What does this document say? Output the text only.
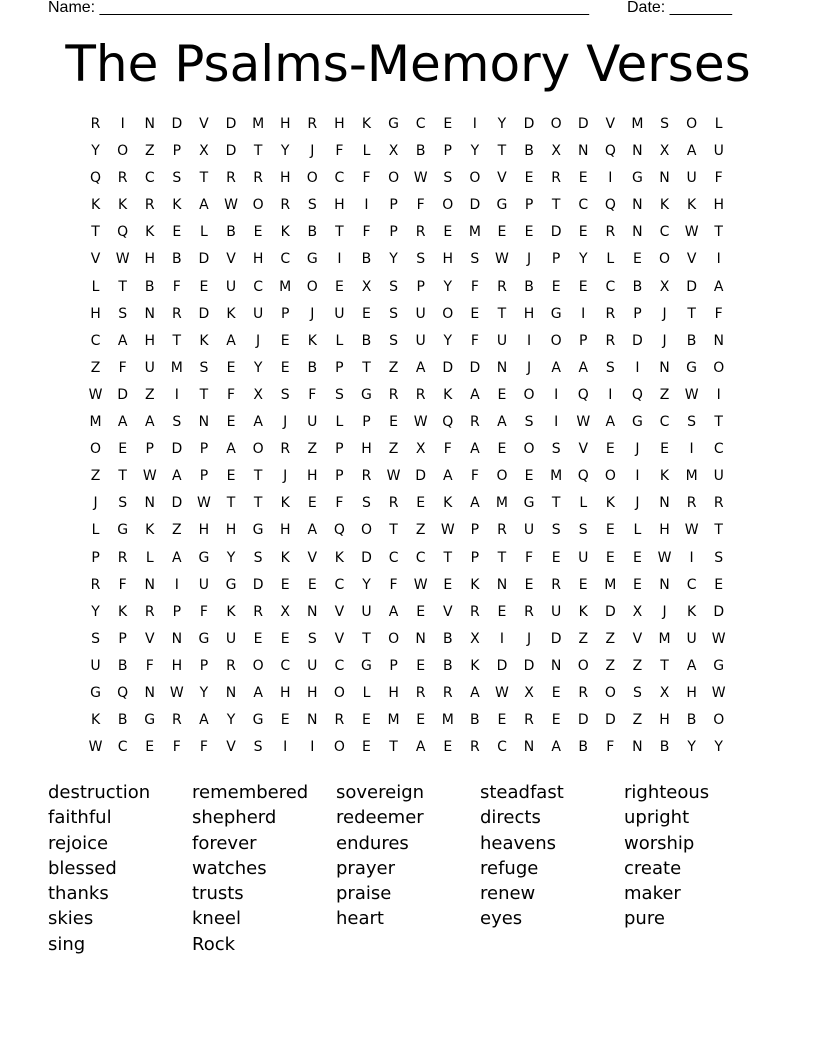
Name: _______________________________________________________ Date: _______
The Psalms-Memory Verses
R	I	N	D	V	D	M	H	R	H	K	G	C	E	I	Y	D	O	D	V	M	S	O	L
Y	O	Z	P	X	D	T	Y	J	F	L	X	B	P	Y	T	B	X	N	Q	N	X	A	U
Q	R	C	S	T	R	R	H	O	C	F	O	W	S	O	V	E	R	E	I	G	N	U	F
K	K	R	K	A	W	O	R	S	H	I	P	F	O	D	G	P	T	C	Q	N	K	K	H
T	Q	K	E	L	B	E	K	B	T	F	P	R	E	M	E	E	D	E	R	N	C	W	T
V	W	H	B	D	V	H	C	G	I	B	Y	S	H	S	W	J	P	Y	L	E	O	V	I
L	T	B	F	E	U	C	M	O	E	X	S	P	Y	F	R	B	E	E	C	B	X	D	A
H	S	N	R	D	K	U	P	J	U	E	S	U	O	E	T	H	G	I	R	P	J	T	F
C	A	H	T	K	A	J	E	K	L	B	S	U	Y	F	U	I	O	P	R	D	J	B	N
Z	F	U	M	S	E	Y	E	B	P	T	Z	A	D	D	N	J	A	A	S	I	N	G	O
W	D	Z	I	T	F	X	S	F	S	G	R	R	K	A	E	O	I	Q	I	Q	Z	W	I
M	A	A	S	N	E	A	J	U	L	P	E	W	Q	R	A	S	I	W	A	G	C	S	T
O	E	P	D	P	A	O	R	Z	P	H	Z	X	F	A	E	O	S	V	E	J	E	I	C
Z	T	W	A	P	E	T	J	H	P	R	W	D	A	F	O	E	M	Q	O	I	K	M	U
J	S	N	D	W	T	T	K	E	F	S	R	E	K	A	M	G	T	L	K	J	N	R	R
L	G	K	Z	H	H	G	H	A	Q	O	T	Z	W	P	R	U	S	S	E	L	H	W	T
P	R	L	A	G	Y	S	K	V	K	D	C	C	T	P	T	F	E	U	E	E	W	I	S
R	F	N	I	U	G	D	E	E	C	Y	F	W	E	K	N	E	R	E	M	E	N	C	E
Y	K	R	P	F	K	R	X	N	V	U	A	E	V	R	E	R	U	K	D	X	J	K	D
S	P	V	N	G	U	E	E	S	V	T	O	N	B	X	I	J	D	Z	Z	V	M	U	W
U	B	F	H	P	R	O	C	U	C	G	P	E	B	K	D	D	N	O	Z	Z	T	A	G
G	Q	N	W	Y	N	A	H	H	O	L	H	R	R	A	W	X	E	R	O	S	X	H	W
K	B	G	R	A	Y	G	E	N	R	E	M	E	M	B	E	R	E	D	D	Z	H	B	O
W	C	E	F	F	V	S	I	I	O	E	T	A	E	R	C	N	A	B	F	N	B	Y	Y
destruction	remembered	sovereign	steadfast	righteous
faithful	shepherd	redeemer	directs	upright
rejoice	forever	endures	heavens	worship
blessed	watches	prayer	refuge	create
thanks	trusts	praise	renew	maker
skies	kneel	heart	eyes	pure
sing	Rock
